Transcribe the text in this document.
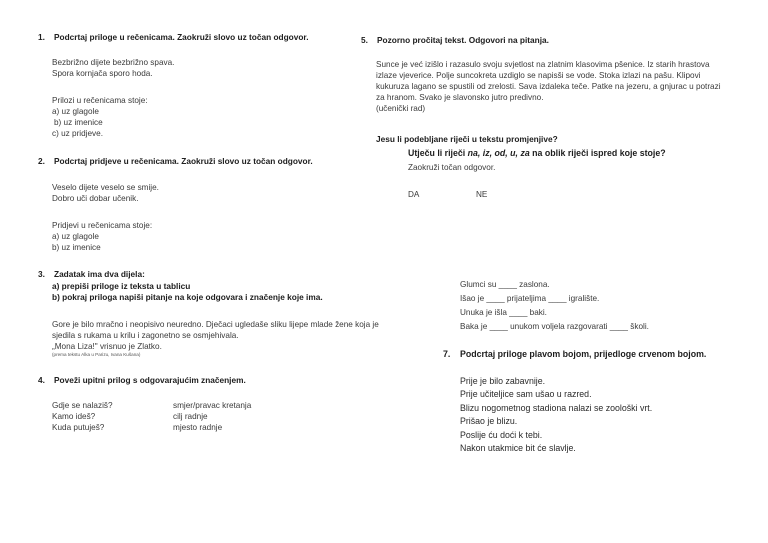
1. Podcrtaj priloge u rečenicama. Zaokruži slovo uz točan odgovor.
Bezbrižno dijete bezbrižno spava.
Spora kornjača sporo hoda.
Prilozi u rečenicama stoje:
a) uz glagole
b) uz imenice
c) uz pridjeve.
2. Podcrtaj pridjeve u rečenicama. Zaokruži slovo uz točan odgovor.
Veselo dijete veselo se smije.
Dobro uči dobar učenik.
Pridjevi u rečenicama stoje:
a) uz glagole
b) uz imenice
3. Zadatak ima dva dijela:
a) prepiši priloge iz teksta u tablicu
b) pokraj priloga napiši pitanje na koje odgovara i značenje koje ima.
Gore je bilo mračno i neopisivo neuredno. Dječaci ugledaše sliku lijepe mlade žene koja je
sjedila s rukama u krilu i zagonetno se osmjehivala.
„Mona Liza!" vrisnuo je Zlatko.
(prema tekstu Alka u Parizu, Ivana Kušana)
4. Poveži upitni prilog s odgovarajućim značenjem.
Gdje se nalaziš?
Kamo ideš?
Kuda putuješ?
smjer/pravac kretanja
cilj radnje
mjesto radnje
5. Pozorno pročitaj tekst. Odgovori na pitanja.
Sunce je već izišlo i razasulo svoju svjetlost na zlatnim klasovima pšenice. Iz starih hrastova
izlaze vjeverice. Polje suncokreta uzdiglo se napisši se vode. Stoka izlazi na pašu. Klipovi
kukuruza lagano se spustili od zrelosti. Sava izdaleka teče. Patke na jezeru, a gnjurac u potrazi
za hranom. Svako je slavonsko jutro predivno.
(učenički rad)
Jesu li podebljane riječi u tekstu promjenjive?
Utječu li riječi na, iz, od, u, za na oblik riječi ispred koje stoje?
Zaokruži točan odgovor.
DA	NE
Glumci su ____ zaslona.
Išao je ____ prijateljima ____ igralište.
Unuka je išla ____ baki.
Baka je ____ unukom voljela razgovarati ____ školi.
7. Podcrtaj priloge plavom bojom, prijedloge crvenom bojom.
Prije je bilo zabavnije.
Prije učiteljice sam ušao u razred.
Blizu nogometnog stadiona nalazi se zoološki vrt.
Prišao je blizu.
Poslije ću doći k tebi.
Nakon utakmice bit će slavlje.
